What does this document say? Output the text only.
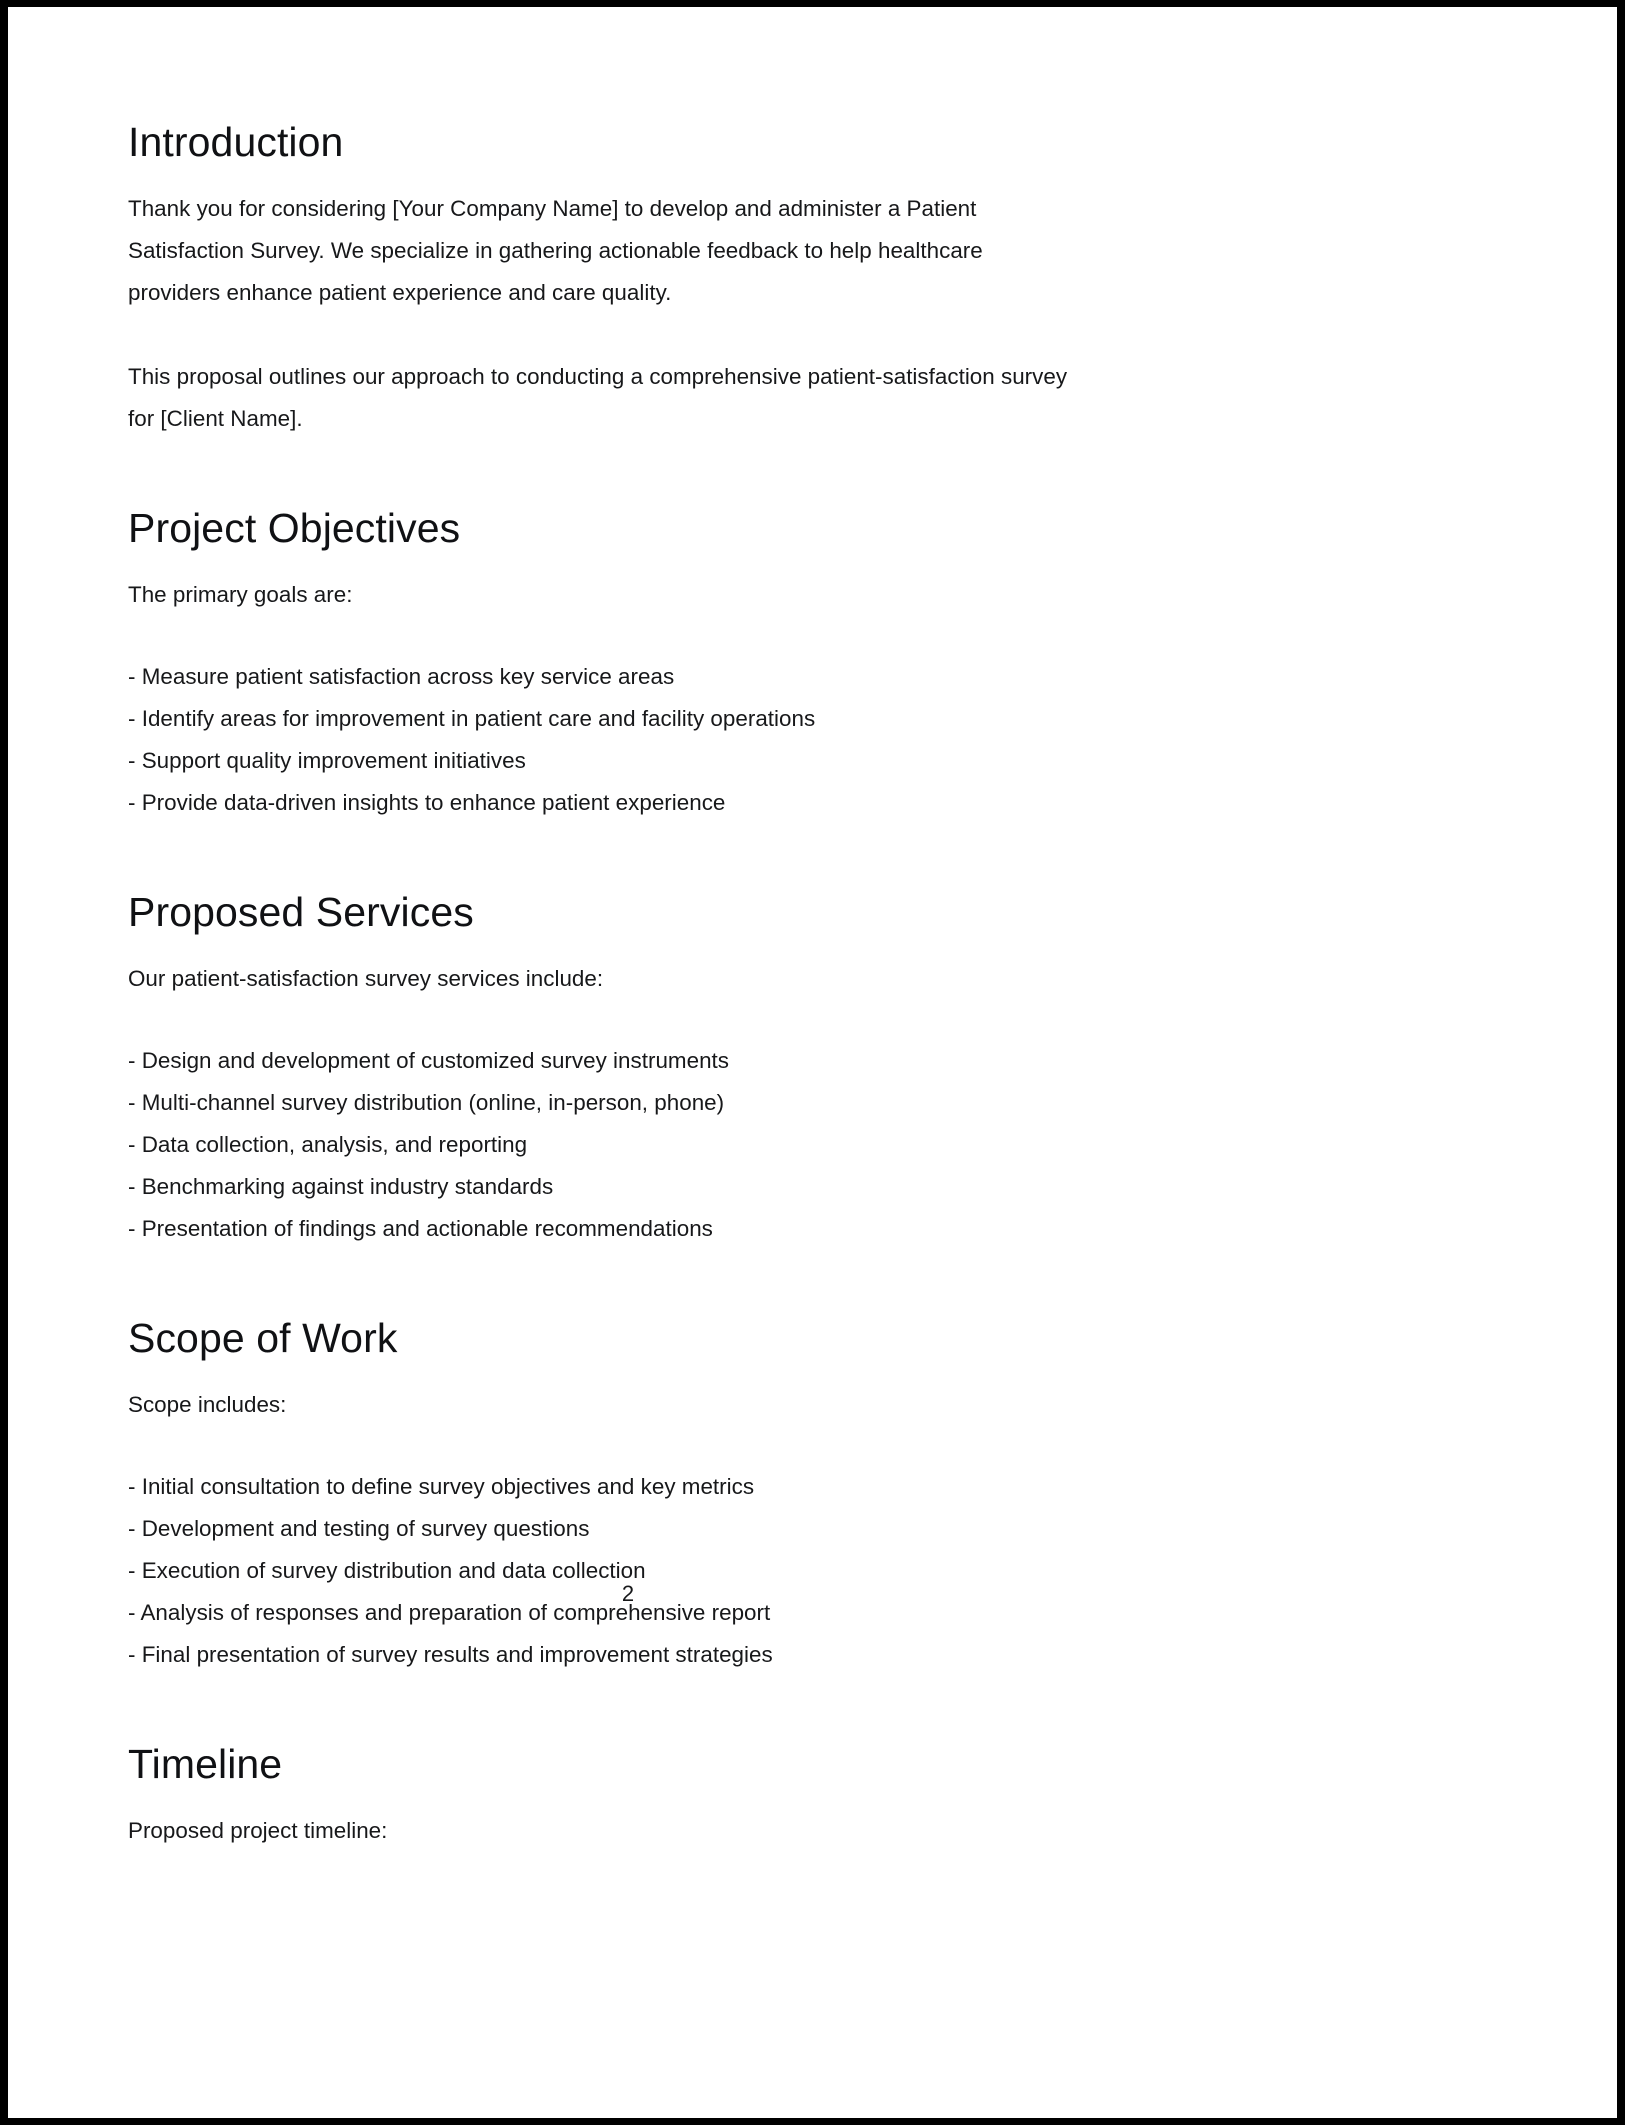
Introduction

Thank you for considering [Your Company Name] to develop and administer a Patient Satisfaction Survey. We specialize in gathering actionable feedback to help healthcare providers enhance patient experience and care quality.

This proposal outlines our approach to conducting a comprehensive patient-satisfaction survey for [Client Name].

Project Objectives

The primary goals are:

- Measure patient satisfaction across key service areas
- Identify areas for improvement in patient care and facility operations
- Support quality improvement initiatives
- Provide data-driven insights to enhance patient experience
Proposed Services

Our patient-satisfaction survey services include:

- Design and development of customized survey instruments
- Multi-channel survey distribution (online, in-person, phone)
- Data collection, analysis, and reporting
- Benchmarking against industry standards
- Presentation of findings and actionable recommendations
Scope of Work

Scope includes:

- Initial consultation to define survey objectives and key metrics
- Development and testing of survey questions
- Execution of survey distribution and data collection
- Analysis of responses and preparation of comprehensive report
- Final presentation of survey results and improvement strategies
Timeline

Proposed project timeline:

2
